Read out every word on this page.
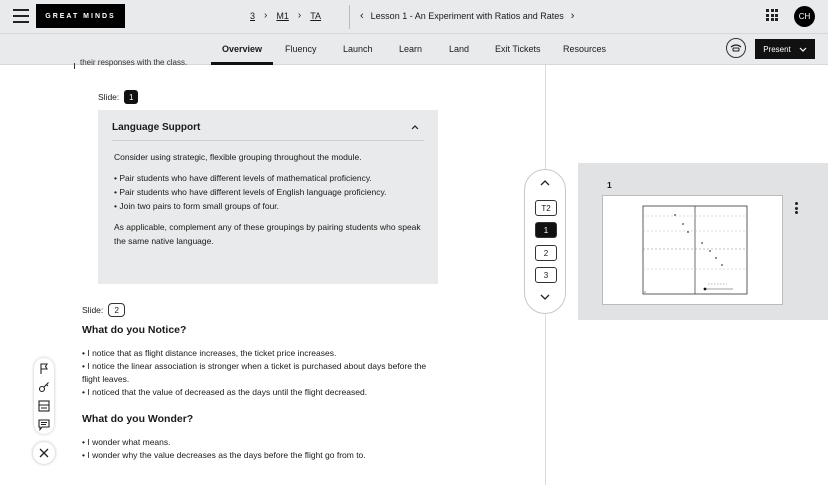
GREAT MINDS	3 › M1 › TA	‹ Lesson 1 - An Experiment with Ratios and Rates ›	CH
Overview	Fluency	Launch	Learn	Land	Exit Tickets Resources	Present
their responses with the class.
Slide:	1
Language Support

Consider using strategic, flexible grouping throughout the module.

• Pair students who have different levels of mathematical proficiency.
• Pair students who have different levels of English language proficiency.
• Join two pairs to form small groups of four.

As applicable, complement any of these groupings by pairing students who speak the same native language.

Slide:	2
What do you Notice?
• I notice that as flight distance increases, the ticket price increases.
• I notice the linear association is stronger when a ticket is purchased about days before the flight leaves.
• I noticed that the value of decreased as the days until the flight decreased.
What do you Wonder?
• I wonder what means.
• I wonder why the value decreases as the days before the flight go from to.
T2
1
2
3
1
